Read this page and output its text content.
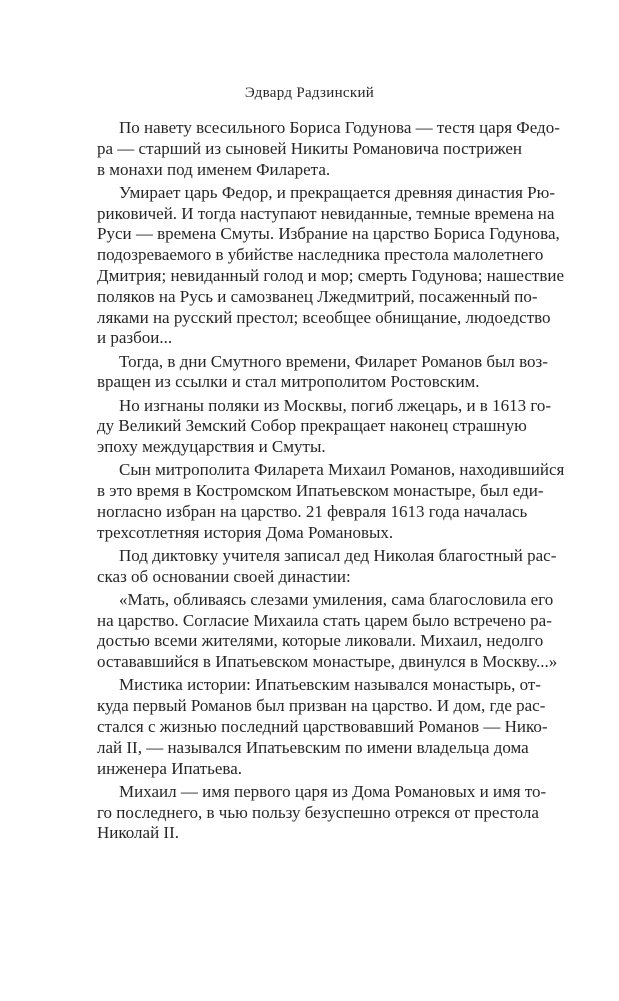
Эдвард Радзинский
По навету всесильного Бориса Годунова — тестя царя Федо-
ра — старший из сыновей Никиты Романовича пострижен
в монахи под именем Филарета.
Умирает царь Федор, и прекращается древняя династия Рю-
риковичей. И тогда наступают невиданные, темные времена на
Руси — времена Смуты. Избрание на царство Бориса Годунова,
подозреваемого в убийстве наследника престола малолетнего
Дмитрия; невиданный голод и мор; смерть Годунова; нашествие
поляков на Русь и самозванец Лжедмитрий, посаженный по-
ляками на русский престол; всеобщее обнищание, людоедство
и разбои...
Тогда, в дни Смутного времени, Филарет Романов был воз-
вращен из ссылки и стал митрополитом Ростовским.
Но изгнаны поляки из Москвы, погиб лжецарь, и в 1613 го-
ду Великий Земский Собор прекращает наконец страшную
эпоху междуцарствия и Смуты.
Сын митрополита Филарета Михаил Романов, находившийся
в это время в Костромском Ипатьевском монастыре, был еди-
ногласно избран на царство. 21 февраля 1613 года началась
трехсотлетняя история Дома Романовых.
Под диктовку учителя записал дед Николая благостный рас-
сказ об основании своей династии:
«Мать, обливаясь слезами умиления, сама благословила его
на царство. Согласие Михаила стать царем было встречено ра-
достью всеми жителями, которые ликовали. Михаил, недолго
остававшийся в Ипатьевском монастыре, двинулся в Москву...»
Мистика истории: Ипатьевским назывался монастырь, от-
куда первый Романов был призван на царство. И дом, где рас-
стался с жизнью последний царствовавший Романов — Нико-
лай II, — назывался Ипатьевским по имени владельца дома
инженера Ипатьева.
Михаил — имя первого царя из Дома Романовых и имя то-
го последнего, в чью пользу безуспешно отрекся от престола
Николай II.
